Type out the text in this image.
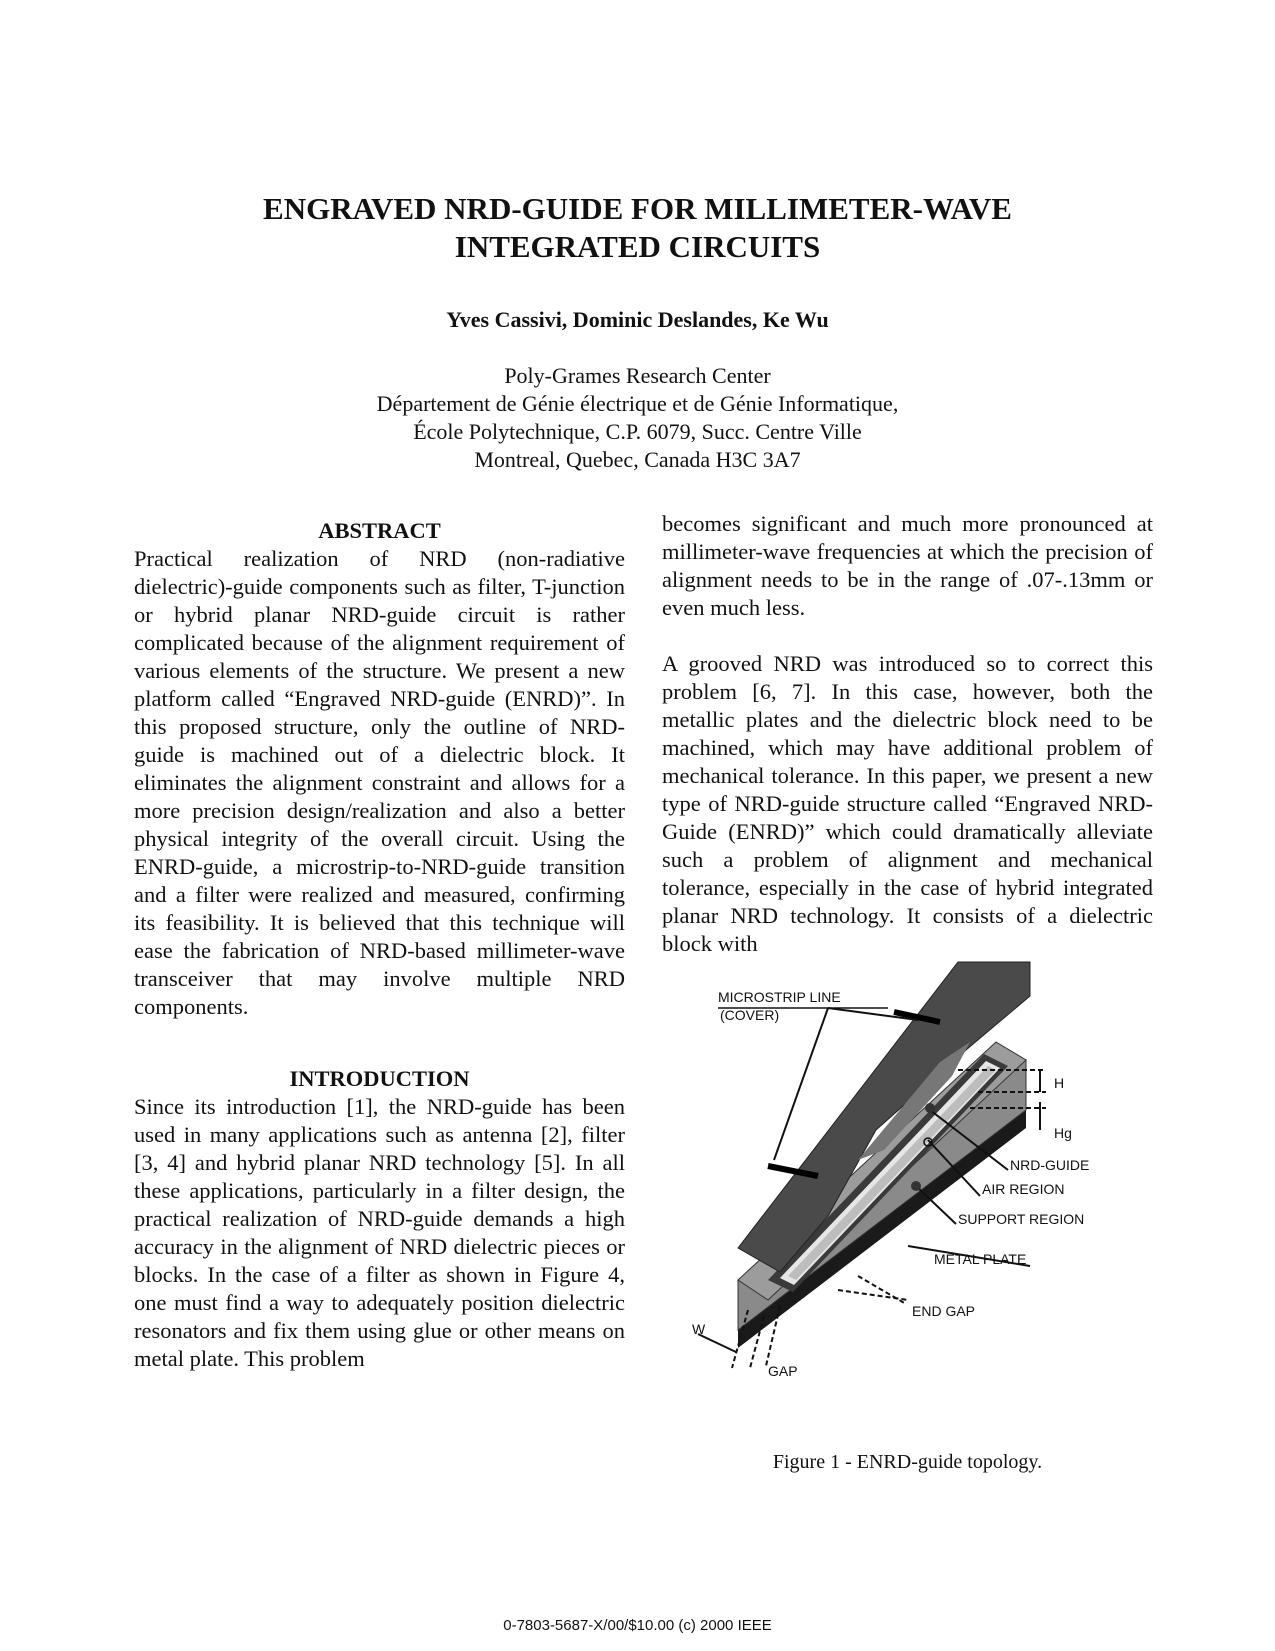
ENGRAVED NRD-GUIDE FOR MILLIMETER-WAVE
INTEGRATED CIRCUITS
Yves Cassivi, Dominic Deslandes, Ke Wu
Poly-Grames Research Center
Département de Génie électrique et de Génie Informatique,
École Polytechnique, C.P. 6079, Succ. Centre Ville
Montreal, Quebec, Canada H3C 3A7
ABSTRACT

Practical realization of NRD (non-radiative dielectric)-guide components such as filter, T-junction or hybrid planar NRD-guide circuit is rather complicated because of the alignment requirement of various elements of the structure. We present a new platform called “Engraved NRD-guide (ENRD)”. In this proposed structure, only the outline of NRD-guide is machined out of a dielectric block. It eliminates the alignment constraint and allows for a more precision design/realization and also a better physical integrity of the overall circuit. Using the ENRD-guide, a microstrip-to-NRD-guide transition and a filter were realized and measured, confirming its feasibility. It is believed that this technique will ease the fabrication of NRD-based millimeter-wave transceiver that may involve multiple NRD components.

INTRODUCTION

Since its introduction [1], the NRD-guide has been used in many applications such as antenna [2], filter [3, 4] and hybrid planar NRD technology [5]. In all these applications, particularly in a filter design, the practical realization of NRD-guide demands a high accuracy in the alignment of NRD dielectric pieces or blocks. In the case of a filter as shown in Figure 4, one must find a way to adequately position dielectric resonators and fix them using glue or other means on metal plate. This problem

becomes significant and much more pronounced at millimeter-wave frequencies at which the precision of alignment needs to be in the range of .07-.13mm or even much less.

A grooved NRD was introduced so to correct this problem [6, 7]. In this case, however, both the metallic plates and the dielectric block need to be machined, which may have additional problem of mechanical tolerance. In this paper, we present a new type of NRD-guide structure called “Engraved NRD-Guide (ENRD)” which could dramatically alleviate such a problem of alignment and mechanical tolerance, especially in the case of hybrid integrated planar NRD technology. It consists of a dielectric block with

MICROSTRIP LINE
(COVER)
H
Hg
NRD-GUIDE
AIR REGION
SUPPORT REGION
METAL PLATE
END GAP
W
GAP
Figure 1 - ENRD-guide topology.
0-7803-5687-X/00/$10.00 (c) 2000 IEEE
